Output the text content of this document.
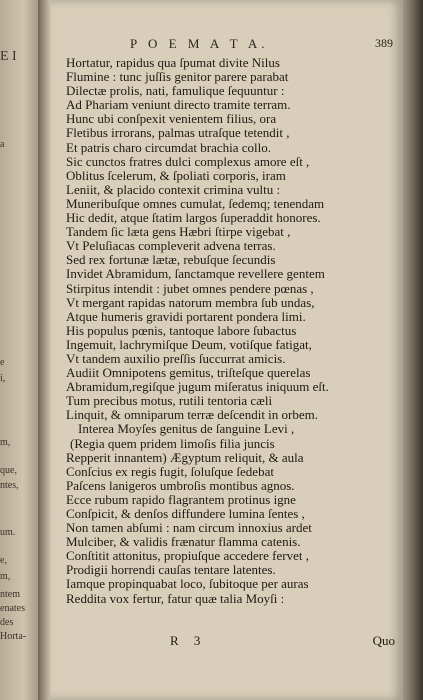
E I
a
e
i,
m,
que,
ntes,
um.
e,
m,
ntem
enates
des
Horta-
P O E M A T A.	389
Hortatur, rapidus qua ſpumat divite Nilus
Flumine : tunc juſſis genitor parere parabat
Dilectæ prolis, nati, famulique ſequuntur :
Ad Phariam veniunt directo tramite terram.
Hunc ubi conſpexit venientem filius, ora
Fletibus irrorans, palmas utraſque tetendit ,
Et patris charo circumdat brachia collo.
Sic cunctos fratres dulci complexus amore eſt ,
Oblitus ſcelerum, & ſpoliati corporis, iram
Leniit, & placido contexit crimina vultu :
Muneribuſque omnes cumulat, ſedemq; tenendam
Hic dedit, atque ſtatim largos ſuperaddit honores.
Tandem ſic læta gens Hæbri ſtirpe vigebat ,
Vt Peluſiacas compleverit advena terras.
Sed rex fortunæ lætæ, rebuſque ſecundis
Invidet Abramidum, ſanctamque revellere gentem
Stirpitus intendit : jubet omnes pendere pœnas ,
Vt mergant rapidas natorum membra ſub undas,
Atque humeris gravidi portarent pondera limi.
His populus pœnis, tantoque labore ſubactus
Ingemuit, lachrymiſque Deum, votiſque fatigat,
Vt tandem auxilio preſſis ſuccurrat amicis.
Audiit Omnipotens gemitus, triſteſque querelas
Abramidum,regiſque jugum miſeratus iniquum eſt.
Tum precibus motus, rutili tentoria cæli
Linquit, & omniparum terræ deſcendit in orbem.
Interea Moyſes genitus de ſanguine Levi ,
(Regia quem pridem limoſis filia juncis
Repperit innantem) Ægyptum reliquit, & aula
Conſcius ex regis fugit, ſoluſque ſedebat
Paſcens lanigeros umbroſis montibus agnos.
Ecce rubum rapido flagrantem protinus igne
Conſpicit, & denſos diffundere lumina ſentes ,
Non tamen abſumi : nam circum innoxius ardet
Mulciber, & validis frænatur flamma catenis.
Conſtitit attonitus, propiuſque accedere fervet ,
Prodigii horrendi cauſas tentare latentes.
Iamque propinquabat loco, ſubitoque per auras
Reddita vox fertur, fatur quæ talia Moyſi :
R 3	Quo
